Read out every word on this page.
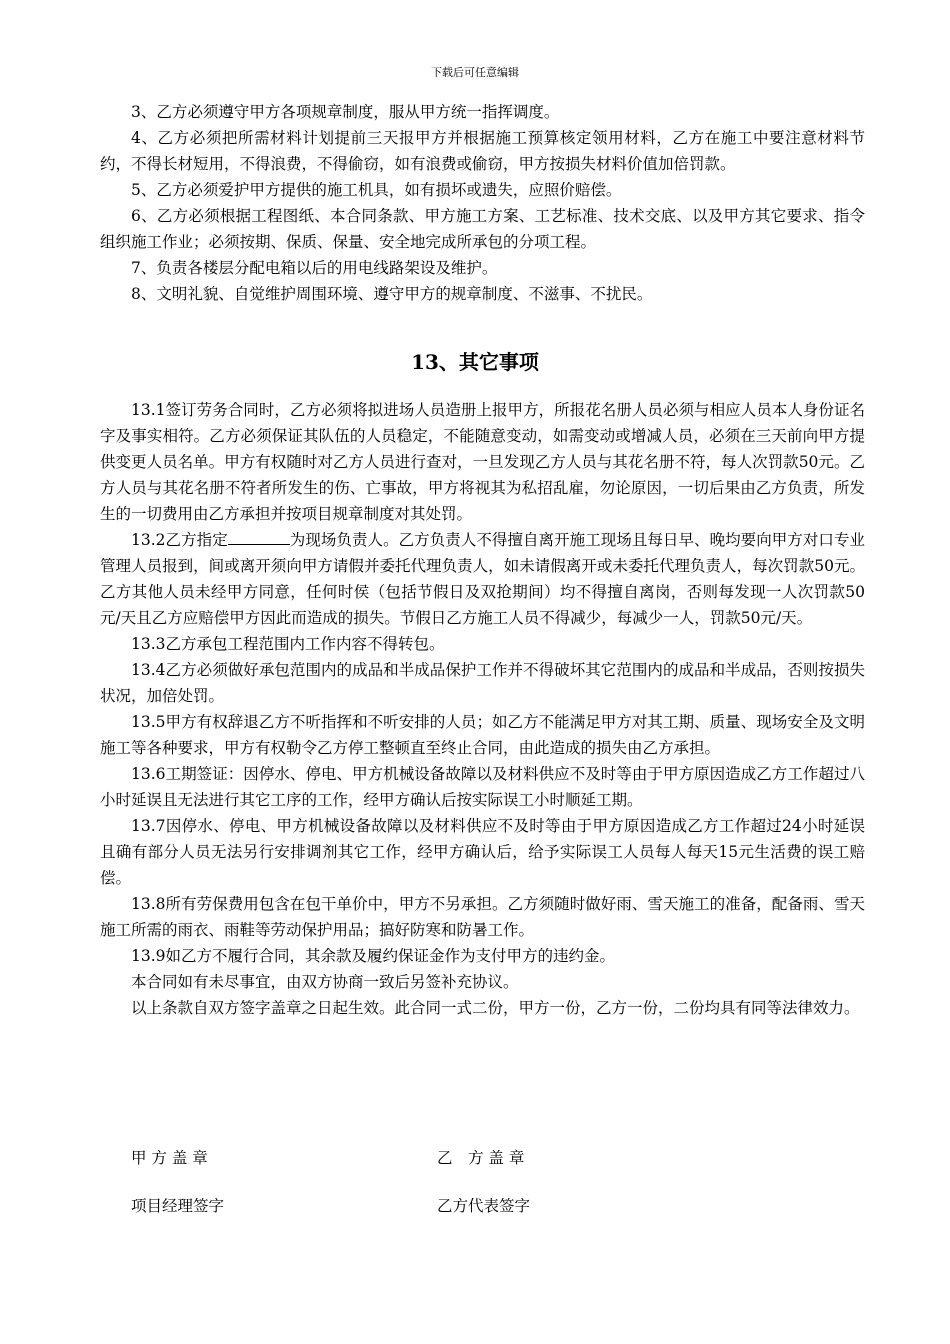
下载后可任意编辑

3、乙方必须遵守甲方各项规章制度，服从甲方统一指挥调度。

4、乙方必须把所需材料计划提前三天报甲方并根据施工预算核定领用材料，乙方在施工中要注意材料节约，不得长材短用，不得浪费，不得偷窃，如有浪费或偷窃，甲方按损失材料价值加倍罚款。

5、乙方必须爱护甲方提供的施工机具，如有损坏或遗失，应照价赔偿。

6、乙方必须根据工程图纸、本合同条款、甲方施工方案、工艺标准、技术交底、以及甲方其它要求、指令组织施工作业；必须按期、保质、保量、安全地完成所承包的分项工程。

7、负责各楼层分配电箱以后的用电线路架设及维护。

8、文明礼貌、自觉维护周围环境、遵守甲方的规章制度、不滋事、不扰民。

13、其它事项

13.1签订劳务合同时，乙方必须将拟进场人员造册上报甲方，所报花名册人员必须与相应人员本人身份证名字及事实相符。乙方必须保证其队伍的人员稳定，不能随意变动，如需变动或增减人员，必须在三天前向甲方提供变更人员名单。甲方有权随时对乙方人员进行查对，一旦发现乙方人员与其花名册不符，每人次罚款50元。乙方人员与其花名册不符者所发生的伤、亡事故，甲方将视其为私招乱雇，勿论原因，一切后果由乙方负责，所发生的一切费用由乙方承担并按项目规章制度对其处罚。

13.2乙方指定	为现场负责人。乙方负责人不得擅自离开施工现场且每日早、晚均要向甲方对口专业管理人员报到，间或离开须向甲方请假并委托代理负责人，如未请假离开或未委托代理负责人，每次罚款50元。乙方其他人员未经甲方同意，任何时侯（包括节假日及双抢期间）均不得擅自离岗，否则每发现一人次罚款50元/天且乙方应赔偿甲方因此而造成的损失。节假日乙方施工人员不得减少，每减少一人，罚款50元/天。

13.3乙方承包工程范围内工作内容不得转包。

13.4乙方必须做好承包范围内的成品和半成品保护工作并不得破坏其它范围内的成品和半成品，否则按损失状况，加倍处罚。

13.5甲方有权辞退乙方不听指挥和不听安排的人员；如乙方不能满足甲方对其工期、质量、现场安全及文明施工等各种要求，甲方有权勒令乙方停工整顿直至终止合同，由此造成的损失由乙方承担。

13.6工期签证：因停水、停电、甲方机械设备故障以及材料供应不及时等由于甲方原因造成乙方工作超过八小时延误且无法进行其它工序的工作，经甲方确认后按实际误工小时顺延工期。

13.7因停水、停电、甲方机械设备故障以及材料供应不及时等由于甲方原因造成乙方工作超过24小时延误且确有部分人员无法另行安排调剂其它工作，经甲方确认后，给予实际误工人员每人每天15元生活费的误工赔偿。

13.8所有劳保费用包含在包干单价中，甲方不另承担。乙方须随时做好雨、雪天施工的准备，配备雨、雪天施工所需的雨衣、雨鞋等劳动保护用品；搞好防寒和防暑工作。

13.9如乙方不履行合同，其余款及履约保证金作为支付甲方的违约金。

本合同如有未尽事宜，由双方协商一致后另签补充协议。

以上条款自双方签字盖章之日起生效。此合同一式二份，甲方一份，乙方一份，二份均具有同等法律效力。

甲 方 盖 章	乙　方 盖 章
项目经理签字	乙方代表签字
